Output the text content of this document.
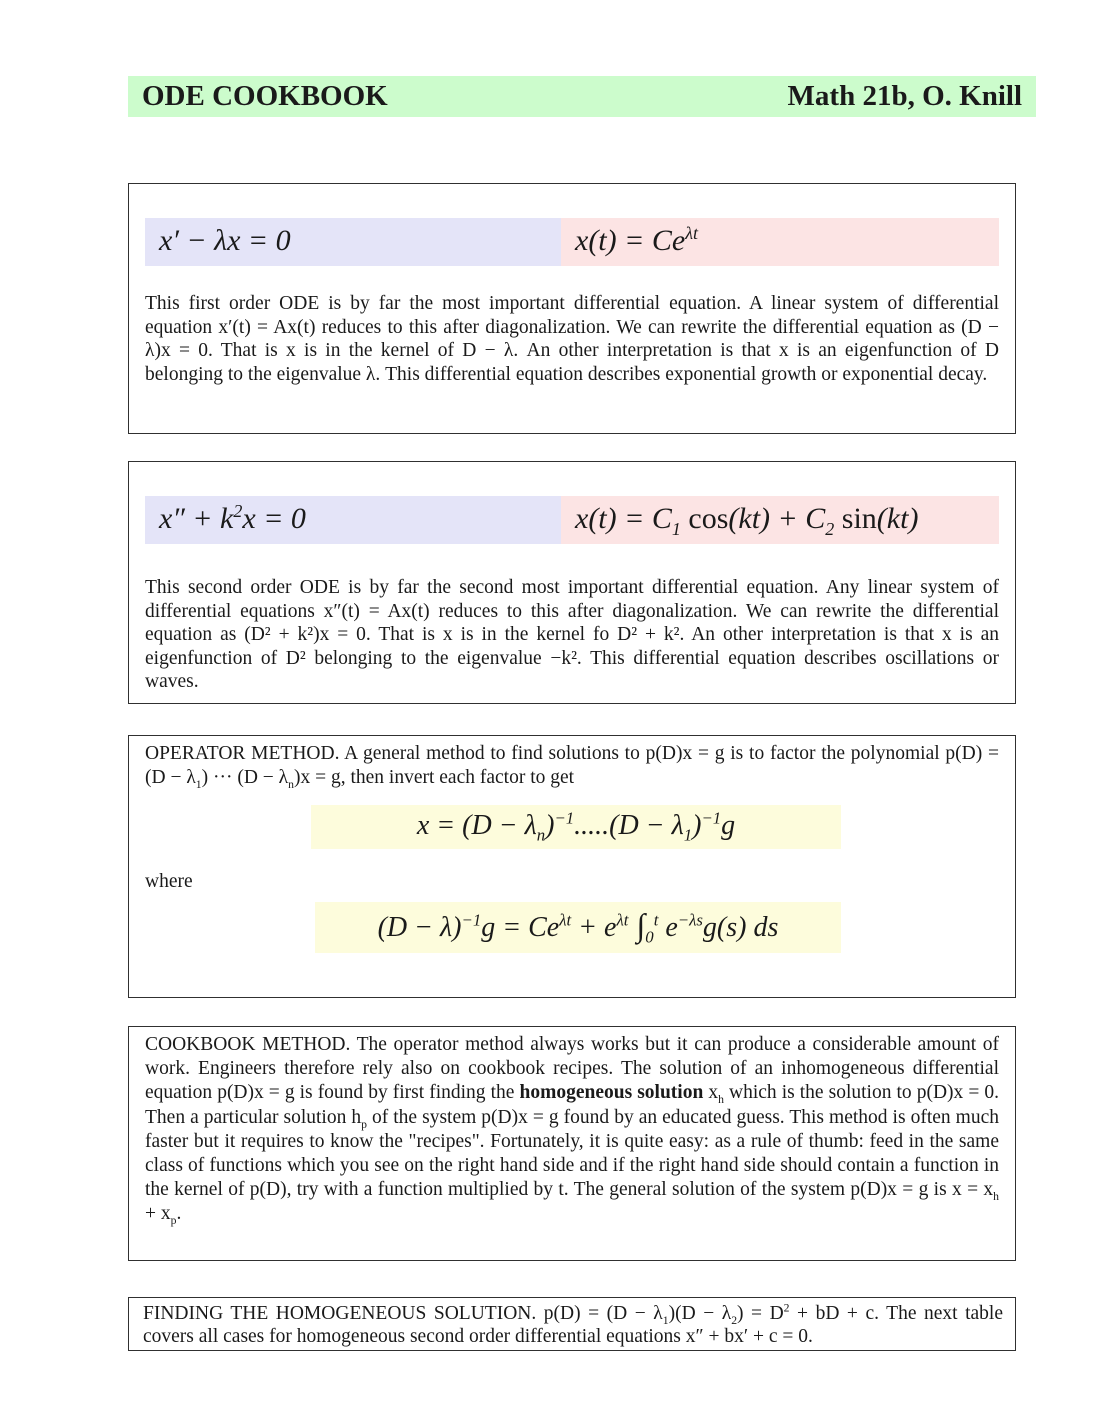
ODE COOKBOOK	Math 21b, O. Knill
x′ − λx = 0	$x(t) = Ce^{\lambda t}$

This first order ODE is by far the most important differential equation. A linear system of differential equation x′(t) = Ax(t) reduces to this after diagonalization. We can rewrite the differential equation as (D − λ)x = 0. That is x is in the kernel of D − λ. An other interpretation is that x is an eigenfunction of D belonging to the eigenvalue λ. This differential equation describes exponential growth or exponential decay.

$x'' + k^2x = 0$	$x(t) = C_1$ $\cos(kt) + C_2$ sin(kt)

This second order ODE is by far the second most important differential equation. Any linear system of differential equations x″(t) = Ax(t) reduces to this after diagonalization. We can rewrite the differential equation as (D² + k²)x = 0. That is x is in the kernel fo D² + k². An other interpretation is that x is an eigenfunction of D² belonging to the eigenvalue −k². This differential equation describes oscillations or waves.

OPERATOR METHOD. A general method to find solutions to p(D)x = g is to factor the polynomial $p(D) = (D - \lambda_1)$ ··· $(D - \lambda_n)x = g$, then invert each factor to get

$x = (D - \lambda_n)^{-1}.....(D - \lambda_1)^{-1}g$

where

$(D - \lambda)^{-1}g = Ce^{\lambda t} + e^{\lambda t}$ $\int_0^t$ $e^{-\lambda s}g(s)$ ds

COOKBOOK METHOD. The operator method always works but it can produce a considerable amount of work. Engineers therefore rely also on cookbook recipes. The solution of an inhomogeneous differential equation p(D)x = g is found by first finding the homogeneous solution $x_h$ which is the solution to p(D)x = 0. Then a particular solution $h_p$ of the system p(D)x = g found by an educated guess. This method is often much faster but it requires to know the "recipes". Fortunately, it is quite easy: as a rule of thumb: feed in the same class of functions which you see on the right hand side and if the right hand side should contain a function in the kernel of p(D), try with a function multiplied by t. The general solution of the system p(D)x = g is $x = x_h + x_p$.

FINDING THE HOMOGENEOUS SOLUTION. $p(D) = (D - \lambda_1)(D - \lambda_2) = D^2$ + bD + c. The next table covers all cases for homogeneous second order differential equations x″ + bx′ + c = 0.
